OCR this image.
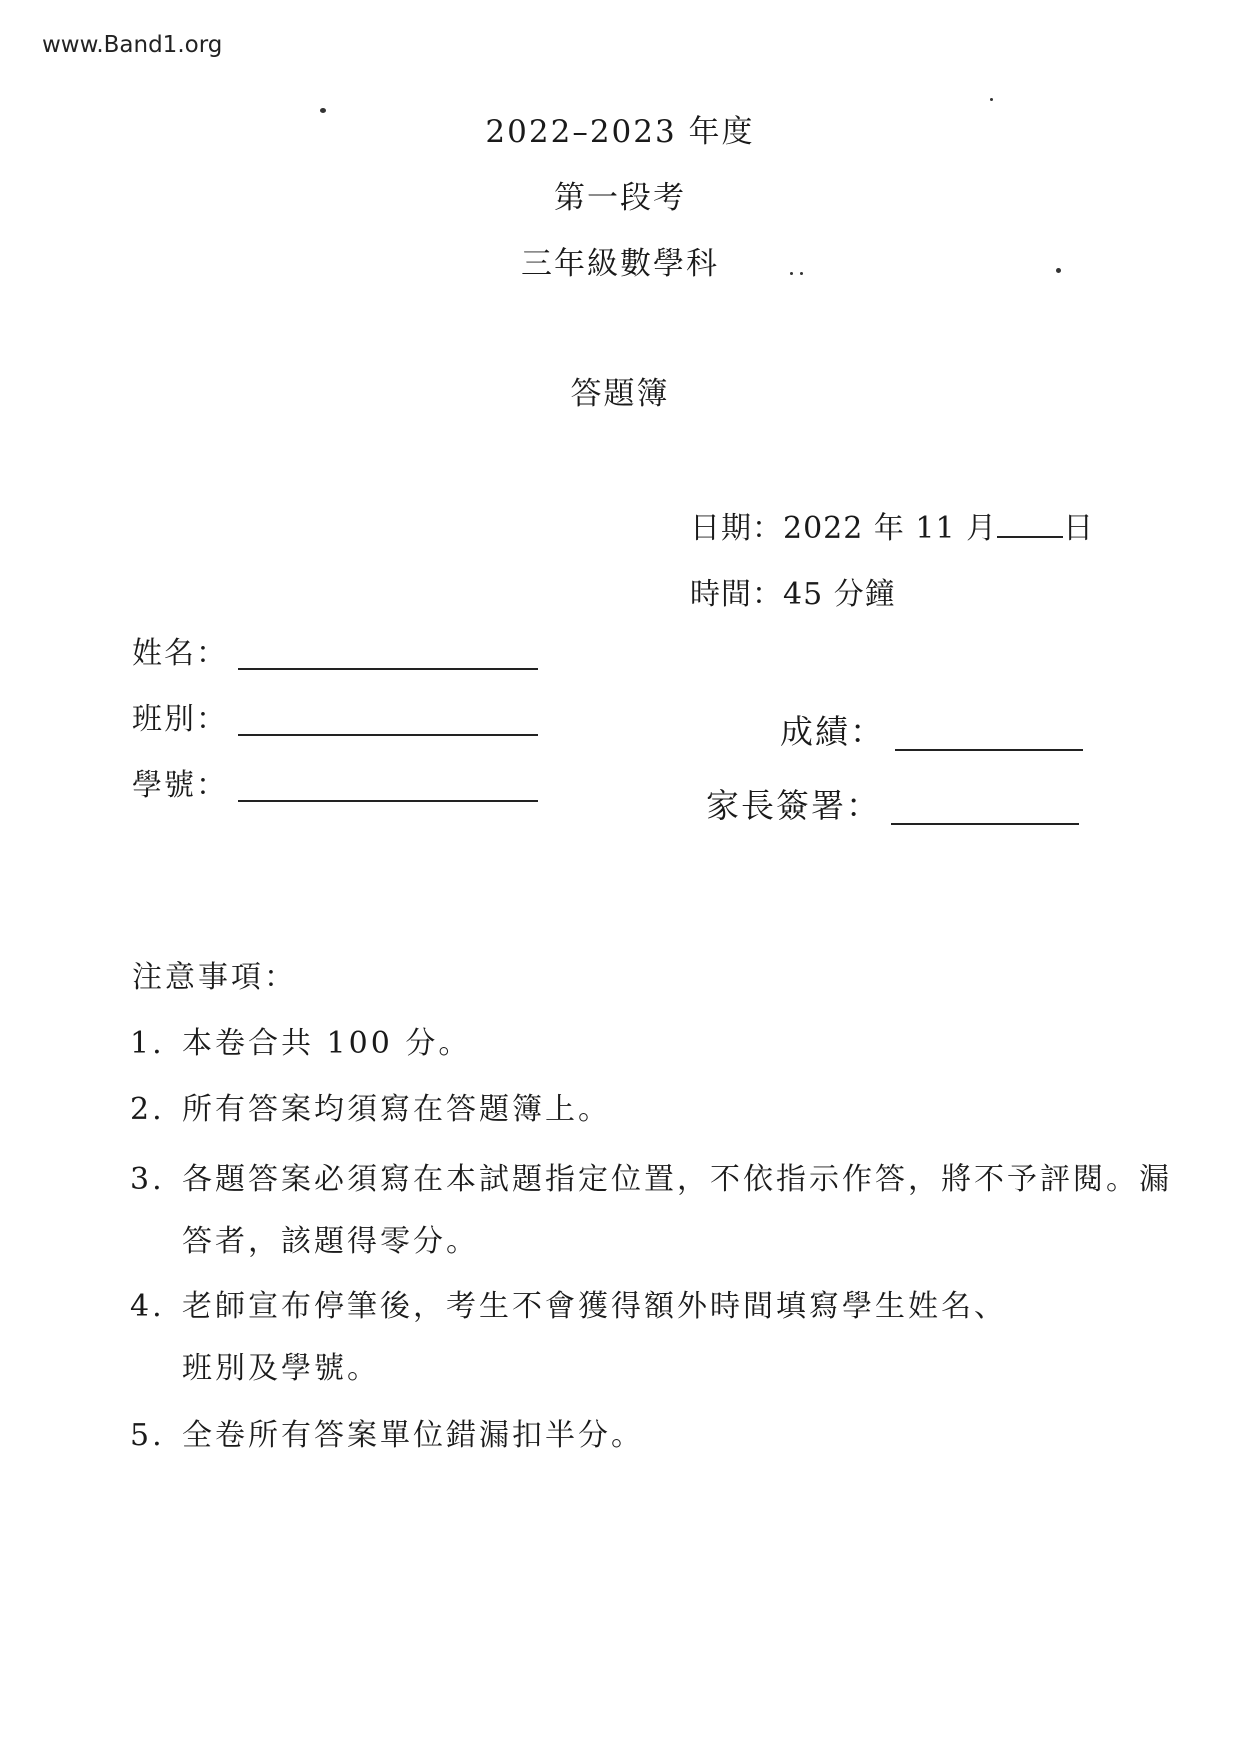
www.Band1.org
2022–2023 年度
第一段考
三年級數學科
答題簿
日期：2022 年 11 月 日
時間：45 分鐘
姓名：
班別：
學號：
成績：
家長簽署：
注意事項：
1. 本卷合共 100 分。
2. 所有答案均須寫在答題簿上。
3. 各題答案必須寫在本試題指定位置，不依指示作答，將不予評閱。漏
答者，該題得零分。
4. 老師宣布停筆後，考生不會獲得額外時間填寫學生姓名、
班別及學號。
5. 全卷所有答案單位錯漏扣半分。
